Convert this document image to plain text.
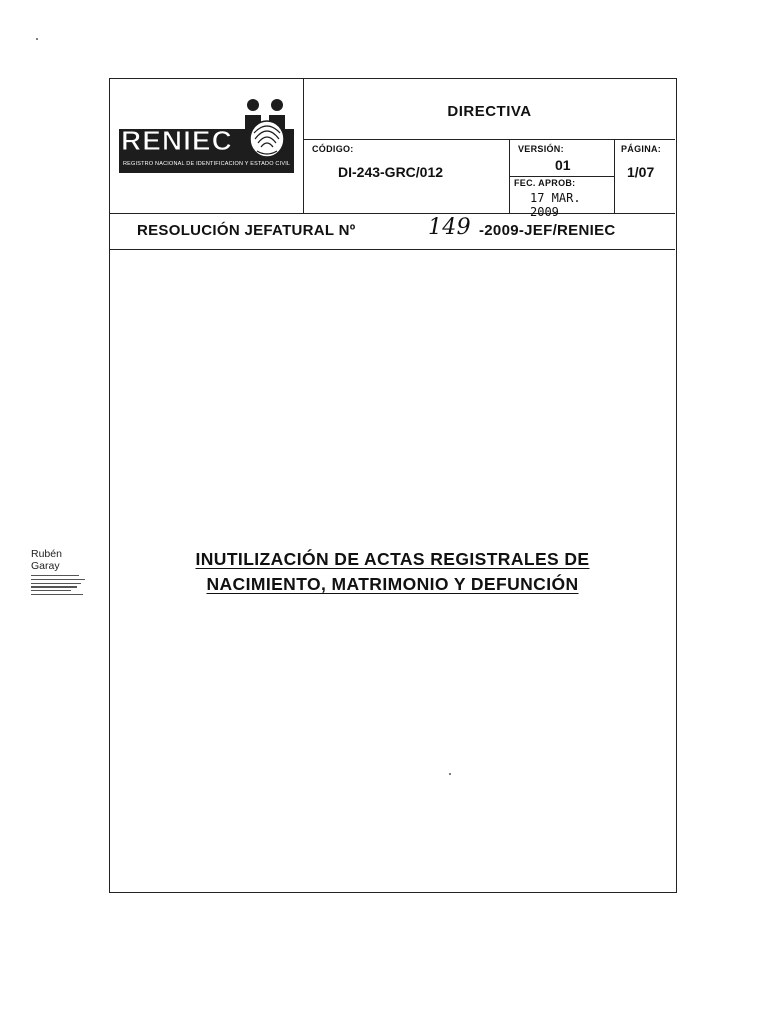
Rubén
Garay
RENIEC
REGISTRO NACIONAL DE IDENTIFICACIÓN Y ESTADO CIVIL
DIRECTIVA
CÓDIGO:
DI-243-GRC/012
VERSIÓN:
01
FEC. APROB:
17 MAR. 2009
PÁGINA:
1/07
RESOLUCIÓN JEFATURAL Nº	149 -2009-JEF/RENIEC
INUTILIZACIÓN DE ACTAS REGISTRALES DE
NACIMIENTO, MATRIMONIO Y DEFUNCIÓN
